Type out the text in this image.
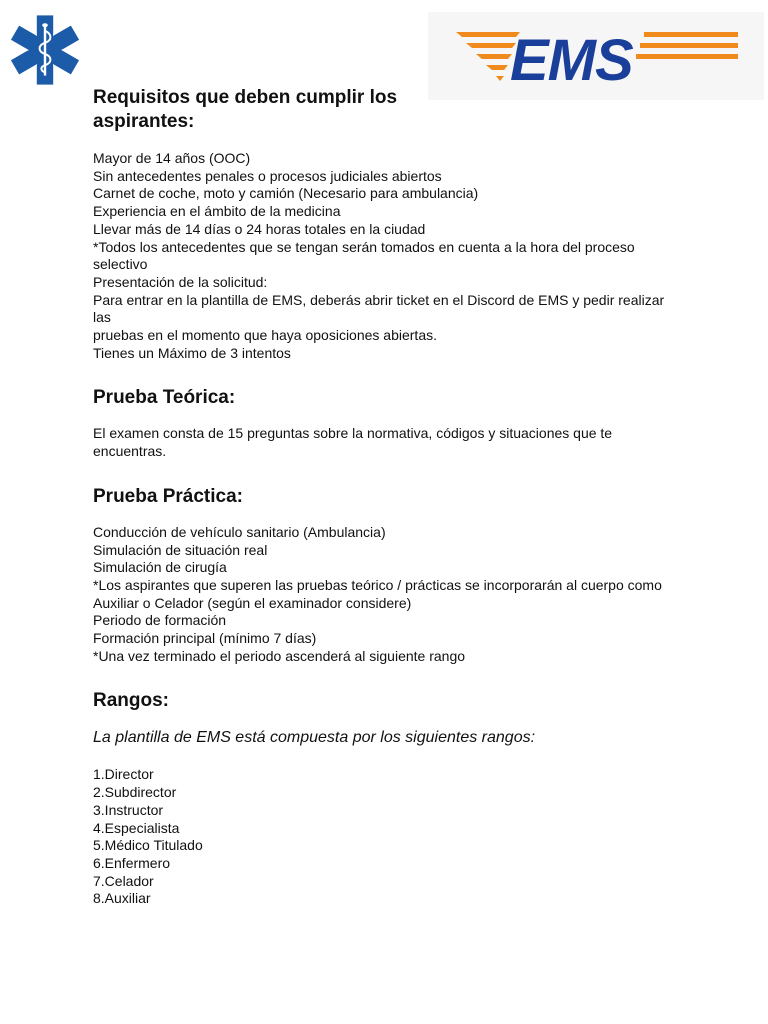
EMS
Requisitos que deben cumplir los aspirantes:

Mayor de 14 años (OOC)

Sin antecedentes penales o procesos judiciales abiertos

Carnet de coche, moto y camión (Necesario para ambulancia)

Experiencia en el ámbito de la medicina

Llevar más de 14 días o 24 horas totales en la ciudad

*Todos los antecedentes que se tengan serán tomados en cuenta a la hora del proceso

selectivo

Presentación de la solicitud:

Para entrar en la plantilla de EMS, deberás abrir ticket en el Discord de EMS y pedir realizar

las

pruebas en el momento que haya oposiciones abiertas.

Tienes un Máximo de 3 intentos

Prueba Teórica:

El examen consta de 15 preguntas sobre la normativa, códigos y situaciones que te

encuentras.

Prueba Práctica:

Conducción de vehículo sanitario (Ambulancia)

Simulación de situación real

Simulación de cirugía

*Los aspirantes que superen las pruebas teórico / prácticas se incorporarán al cuerpo como

Auxiliar o Celador (según el examinador considere)

Periodo de formación

Formación principal (mínimo 7 días)

*Una vez terminado el periodo ascenderá al siguiente rango

Rangos:

La plantilla de EMS está compuesta por los siguientes rangos:

1.Director

2.Subdirector

3.Instructor

4.Especialista

5.Médico Titulado

6.Enfermero

7.Celador

8.Auxiliar
